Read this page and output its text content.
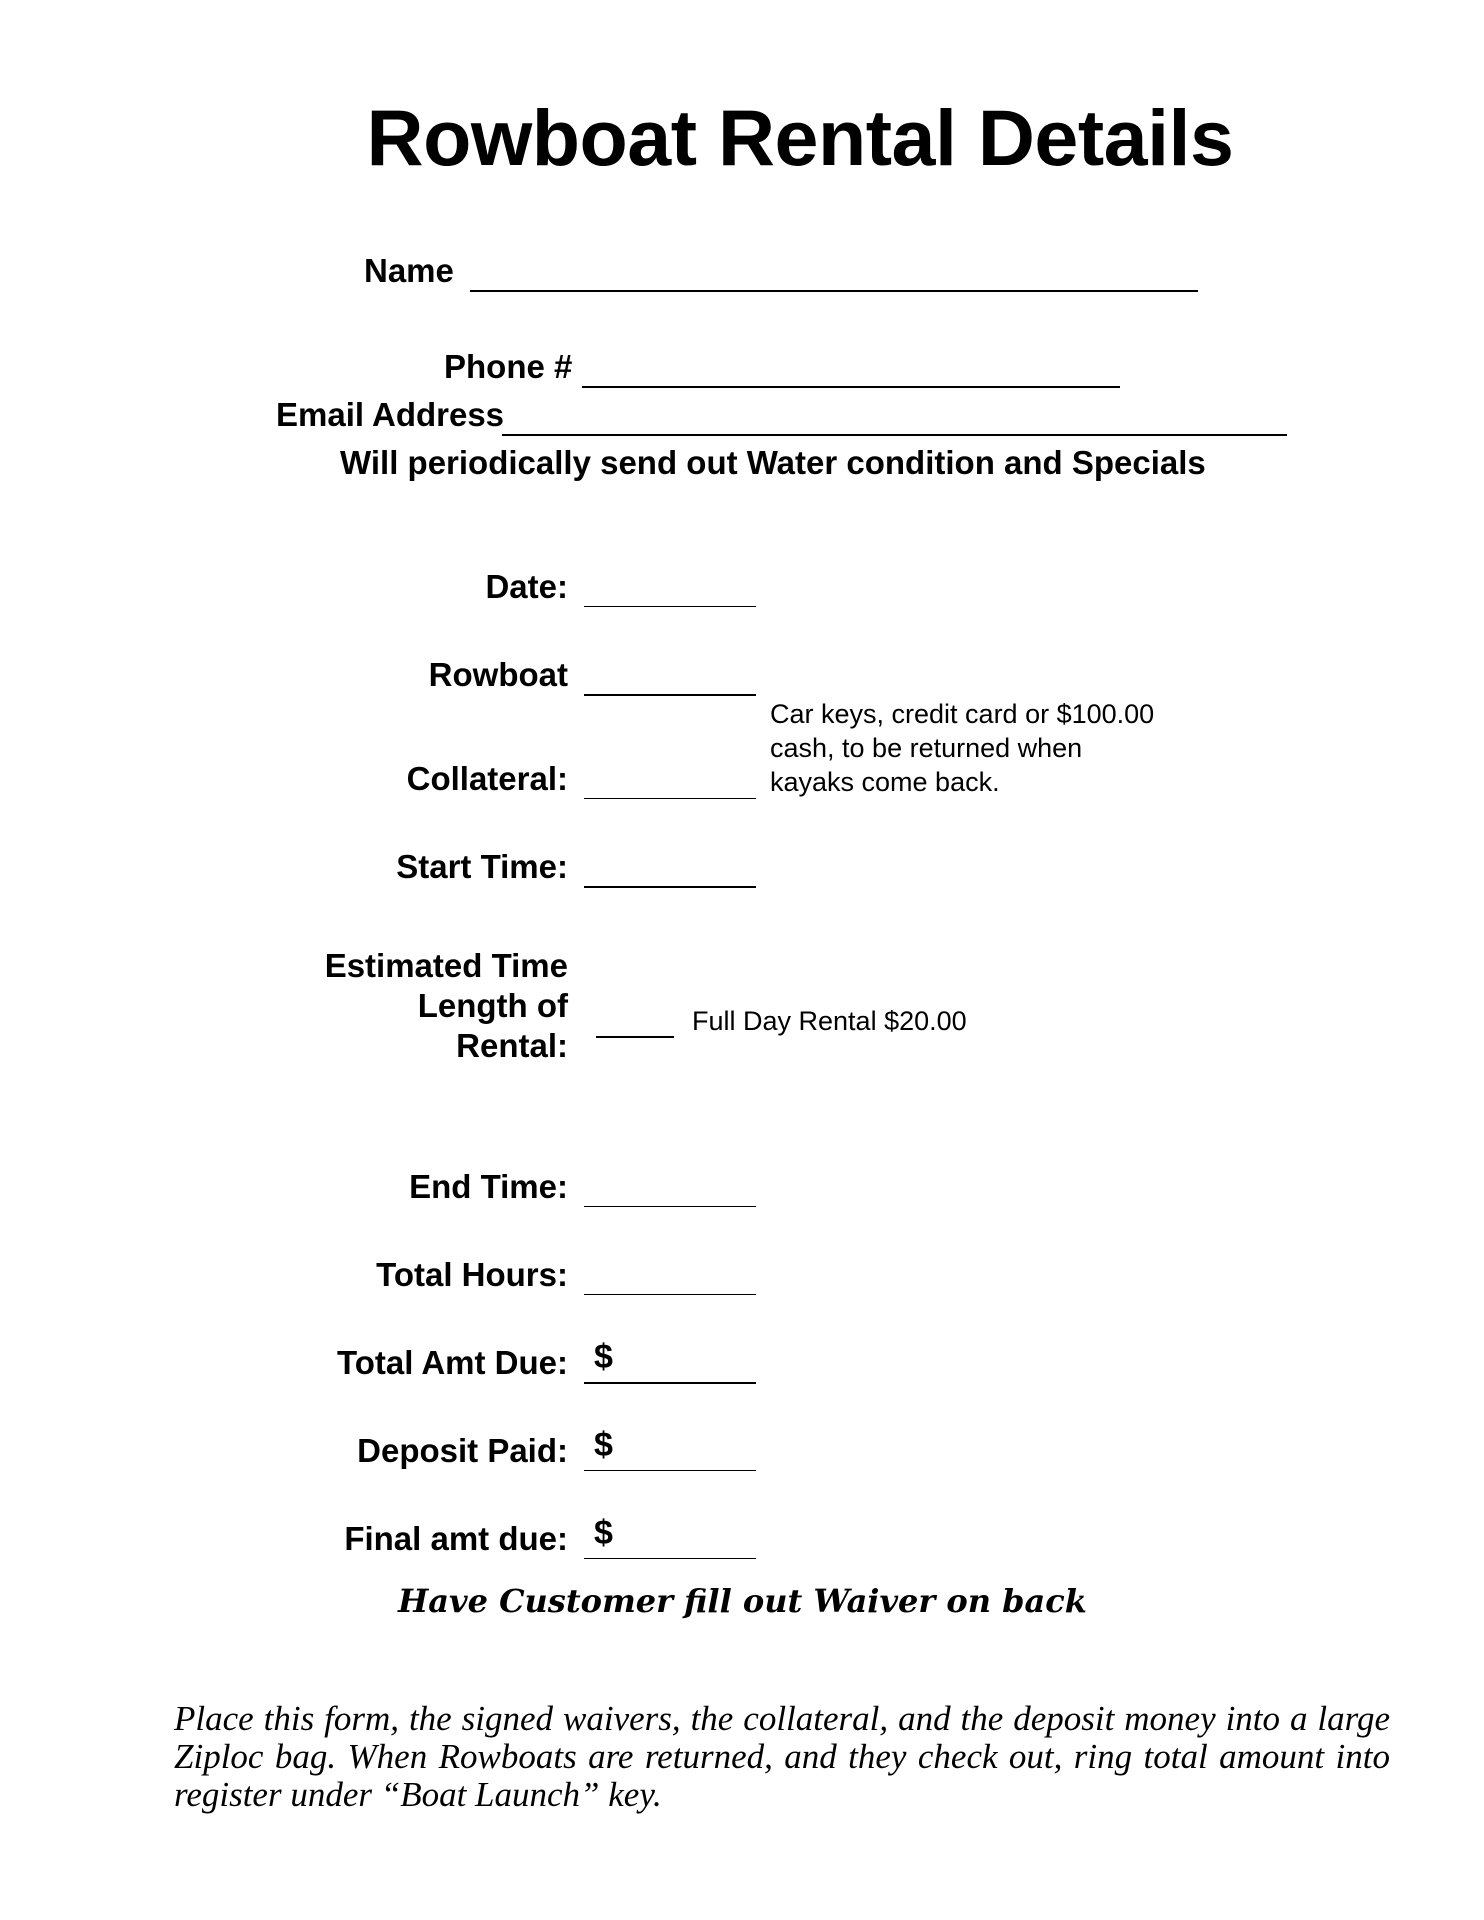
Rowboat Rental Details
Name
Phone #
Email Address
Will periodically send out Water condition and Specials
Date:
Rowboat
Collateral:
Car keys, credit card or $100.00
cash, to be returned when
kayaks come back.
Start Time:
Estimated Time
Length of
Rental:
Full Day Rental $20.00
End Time:
Total Hours:
Total Amt Due: $
Deposit Paid: $
Final amt due: $
Have Customer fill out Waiver on back
Place this form, the signed waivers, the collateral, and the deposit money into a large Ziploc bag. When Rowboats are returned, and they check out, ring total amount into register under “Boat Launch” key.
